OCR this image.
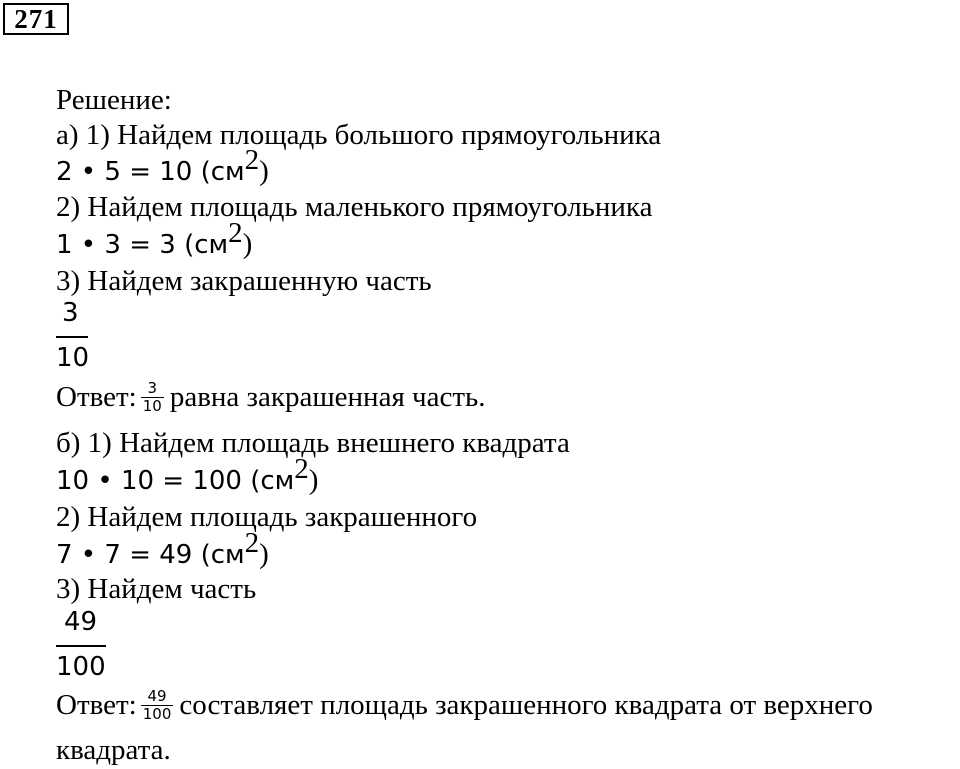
271
Решение:
а) 1) Найдем площадь большого прямоугольника
2 • 5 = 10 $(см^2)$
2) Найдем площадь маленького прямоугольника
1 • 3 = 3 $(см^2)$
3) Найдем закрашенную часть
3
10
Ответ: $\frac{3}{10}$ равна закрашенная часть.
б) 1) Найдем площадь внешнего квадрата
10 • 10 = 100 $(см^2)$
2) Найдем площадь закрашенного
7 • 7 = 49 $(см^2)$
3) Найдем часть
49
100
Ответ: $\frac{49}{100}$ составляет площадь закрашенного квадрата от верхнего
квадрата.
